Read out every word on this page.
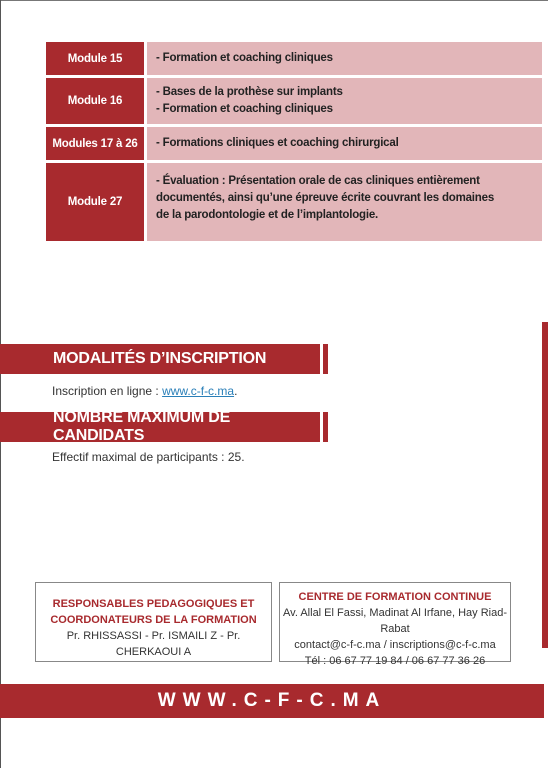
Module 15	- Formation et coaching cliniques
Module 16
- Bases de la prothèse sur implants
- Formation et coaching cliniques
Modules 17 à 26	- Formations cliniques et coaching chirurgical
Module 27
- Évaluation : Présentation orale de cas cliniques entièrement
documentés, ainsi qu’une épreuve écrite couvrant les domaines
de la parodontologie et de l’implantologie.
MODALITÉS D’INSCRIPTION
Inscription en ligne : www.c-f-c.ma.
NOMBRE MAXIMUM DE CANDIDATS
Effectif maximal de participants : 25.
RESPONSABLES PEDAGOGIQUES ET
COORDONATEURS DE LA FORMATION
Pr. RHISSASSI - Pr. ISMAILI Z - Pr. CHERKAOUI A
CENTRE DE FORMATION CONTINUE
Av. Allal El Fassi, Madinat Al Irfane, Hay Riad-Rabat
contact@c-f-c.ma / inscriptions@c-f-c.ma
Tél : 06 67 77 19 84 / 06 67 77 36 26
WWW.C-F-C.MA
